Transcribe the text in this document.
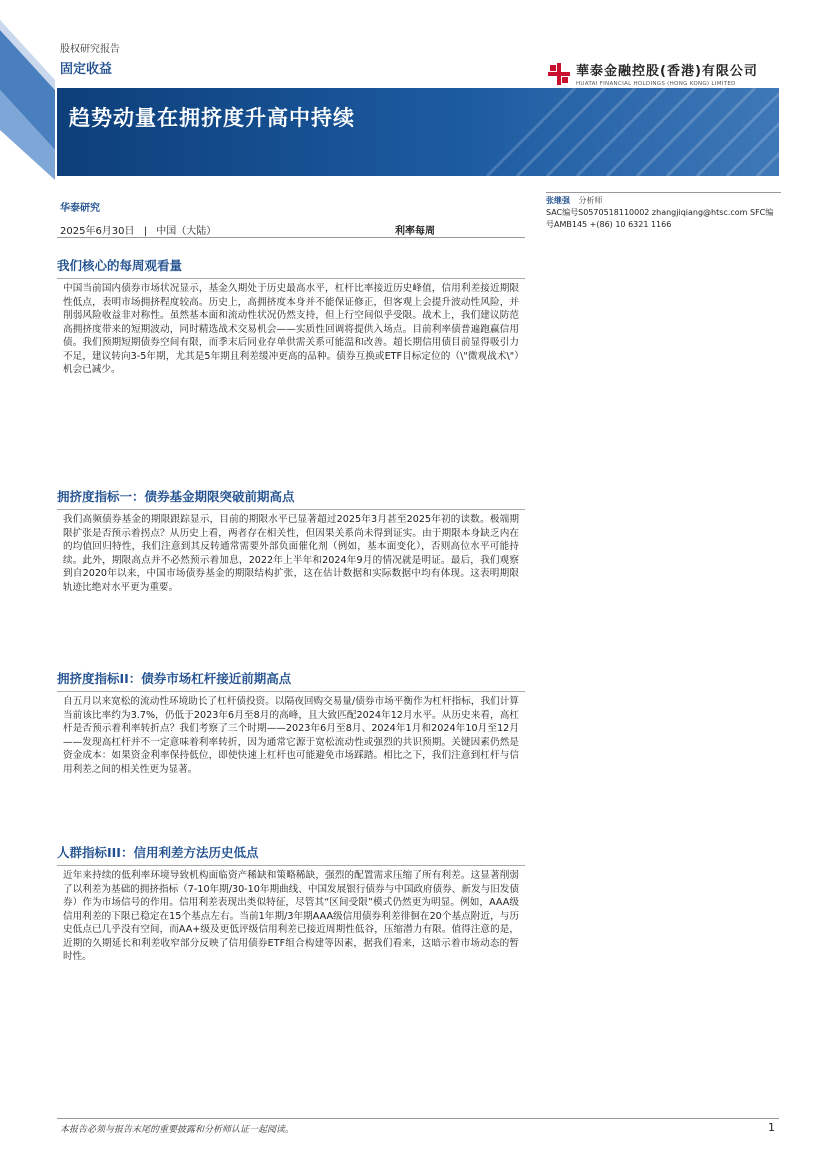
股权研究报告
固定收益	華泰金融控股(香港)有限公司
HUATAI FINANCIAL HOLDINGS (HONG KONG) LIMITED
趋势动量在拥挤度升高中持续
华泰研究
2025年6月30日 | 中国（大陆）	利率每周
张继强 分析师
SAC编号S0570518110002 zhangjiqiang@htsc.com SFC编号AMB145 +(86) 10 6321 1166
我们核心的每周观看量

中国当前国内债券市场状况显示，基金久期处于历史最高水平，杠杆比率接近历史峰值，信用利差接近期限性低点，表明市场拥挤程度较高。历史上，高拥挤度本身并不能保证修正，但客观上会提升波动性风险，并削弱风险收益非对称性。虽然基本面和流动性状况仍然支持，但上行空间似乎受限。战术上，我们建议防范高拥挤度带来的短期波动，同时精选战术交易机会——实质性回调将提供入场点。目前利率债普遍跑赢信用债。我们预期短期债券空间有限，而季末后同业存单供需关系可能温和改善。超长期信用债目前显得吸引力不足，建议转向3-5年期，尤其是5年期且利差缓冲更高的品种。债券互换或ETF目标定位的（\"微观战术\"）机会已减少。

拥挤度指标一：债券基金期限突破前期高点

我们高频债券基金的期限跟踪显示，目前的期限水平已显著超过2025年3月甚至2025年初的读数。极端期限扩张是否预示着拐点？从历史上看，两者存在相关性，但因果关系尚未得到证实。由于期限本身缺乏内在的均值回归特性，我们注意到其反转通常需要外部负面催化剂（例如，基本面变化），否则高位水平可能持续。此外，期限高点并不必然预示着加息，2022年上半年和2024年9月的情况就是明证。最后，我们观察到自2020年以来，中国市场债券基金的期限结构扩张，这在估计数据和实际数据中均有体现。这表明期限轨迹比绝对水平更为重要。

拥挤度指标II：债券市场杠杆接近前期高点

自五月以来宽松的流动性环境助长了杠杆债投资。以隔夜回购交易量/债券市场平衡作为杠杆指标，我们计算当前该比率约为3.7%，仍低于2023年6月至8月的高峰，且大致匹配2024年12月水平。从历史来看，高杠杆是否预示着利率转折点？我们考察了三个时期——2023年6月至8月、2024年1月和2024年10月至12月——发现高杠杆并不一定意味着利率转折，因为通常它源于宽松流动性或强烈的共识预期。关键因素仍然是资金成本：如果资金利率保持低位，即使快速上杠杆也可能避免市场踩踏。相比之下，我们注意到杠杆与信用利差之间的相关性更为显著。

人群指标III：信用利差方法历史低点

近年来持续的低利率环境导致机构面临资产稀缺和策略稀缺，强烈的配置需求压缩了所有利差。这显著削弱了以利差为基础的拥挤指标（7-10年期/30-10年期曲线、中国发展银行债券与中国政府债券、新发与旧发债券）作为市场信号的作用。信用利差表现出类似特征，尽管其“区间受限”模式仍然更为明显。例如，AAA级信用利差的下限已稳定在15个基点左右。当前1年期/3年期AAA级信用债券利差徘徊在20个基点附近，与历史低点已几乎没有空间，而AA+级及更低评级信用利差已接近周期性低谷，压缩潜力有限。值得注意的是，近期的久期延长和利差收窄部分反映了信用债券ETF组合构建等因素，据我们看来，这暗示着市场动态的暂时性。

本报告必须与报告末尾的重要披露和分析师认证一起阅读。	1
